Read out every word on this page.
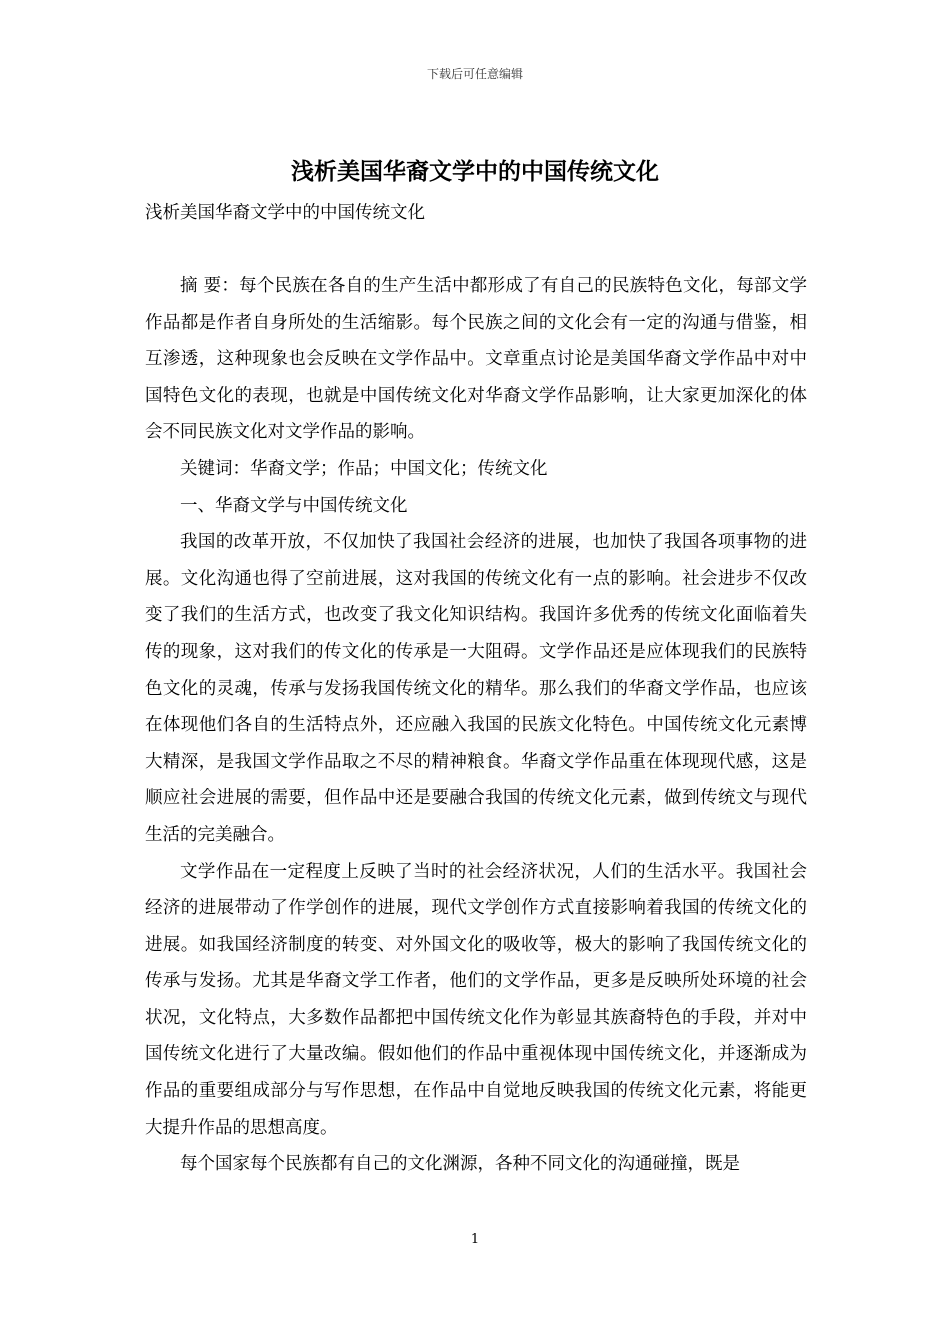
下载后可任意编辑
浅析美国华裔文学中的中国传统文化

浅析美国华裔文学中的中国传统文化

摘 要：每个民族在各自的生产生活中都形成了有自己的民族特色文化，每部文学作品都是作者自身所处的生活缩影。每个民族之间的文化会有一定的沟通与借鉴，相互渗透，这种现象也会反映在文学作品中。文章重点讨论是美国华裔文学作品中对中国特色文化的表现，也就是中国传统文化对华裔文学作品影响，让大家更加深化的体会不同民族文化对文学作品的影响。

关键词：华裔文学；作品；中国文化；传统文化

一、华裔文学与中国传统文化

我国的改革开放，不仅加快了我国社会经济的进展，也加快了我国各项事物的进展。文化沟通也得了空前进展，这对我国的传统文化有一点的影响。社会进步不仅改变了我们的生活方式，也改变了我文化知识结构。我国许多优秀的传统文化面临着失传的现象，这对我们的传文化的传承是一大阻碍。文学作品还是应体现我们的民族特色文化的灵魂，传承与发扬我国传统文化的精华。那么我们的华裔文学作品，也应该在体现他们各自的生活特点外，还应融入我国的民族文化特色。中国传统文化元素博大精深，是我国文学作品取之不尽的精神粮食。华裔文学作品重在体现现代感，这是顺应社会进展的需要，但作品中还是要融合我国的传统文化元素，做到传统文与现代生活的完美融合。

文学作品在一定程度上反映了当时的社会经济状况，人们的生活水平。我国社会经济的进展带动了作学创作的进展，现代文学创作方式直接影响着我国的传统文化的进展。如我国经济制度的转变、对外国文化的吸收等，极大的影响了我国传统文化的传承与发扬。尤其是华裔文学工作者，他们的文学作品，更多是反映所处环境的社会状况，文化特点，大多数作品都把中国传统文化作为彰显其族裔特色的手段，并对中国传统文化进行了大量改编。假如他们的作品中重视体现中国传统文化，并逐渐成为作品的重要组成部分与写作思想，在作品中自觉地反映我国的传统文化元素，将能更大提升作品的思想高度。

每个国家每个民族都有自己的文化渊源，各种不同文化的沟通碰撞，既是

1
